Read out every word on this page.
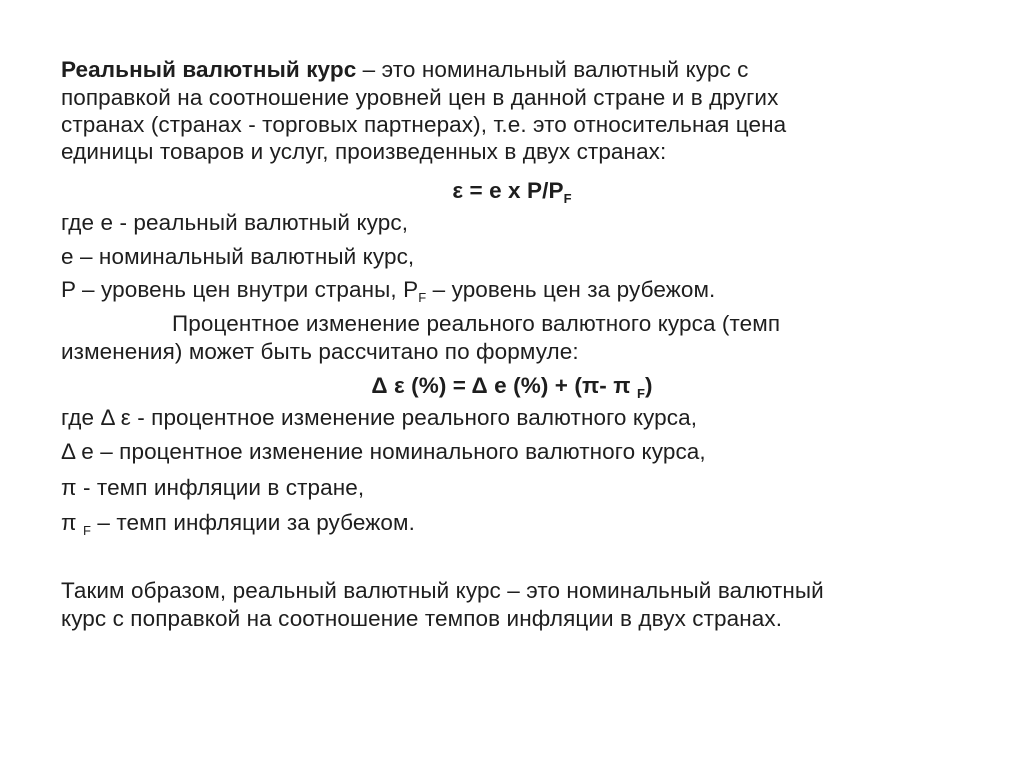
Реальный валютный курс – это номинальный валютный курс с
поправкой на соотношение уровней цен в данной стране и в других
странах (странах - торговых партнерах), т.е. это относительная цена
единицы товаров и услуг, произведенных в двух странах:
ε = e x $P/P_F$
где е - реальный валютный курс,
e – номинальный валютный курс,
P – уровень цен внутри страны, $P_F$ – уровень цен за рубежом.
Процентное изменение реального валютного курса (темп
изменения) может быть рассчитано по формуле:
Δ ε (%) = Δ e (%) + (π- π $_F$)
где Δ ε - процентное изменение реального валютного курса,
Δ е – процентное изменение номинального валютного курса,
π - темп инфляции в стране,
π $_F$ – темп инфляции за рубежом.
Таким образом, реальный валютный курс – это номинальный валютный
курс с поправкой на соотношение темпов инфляции в двух странах.
